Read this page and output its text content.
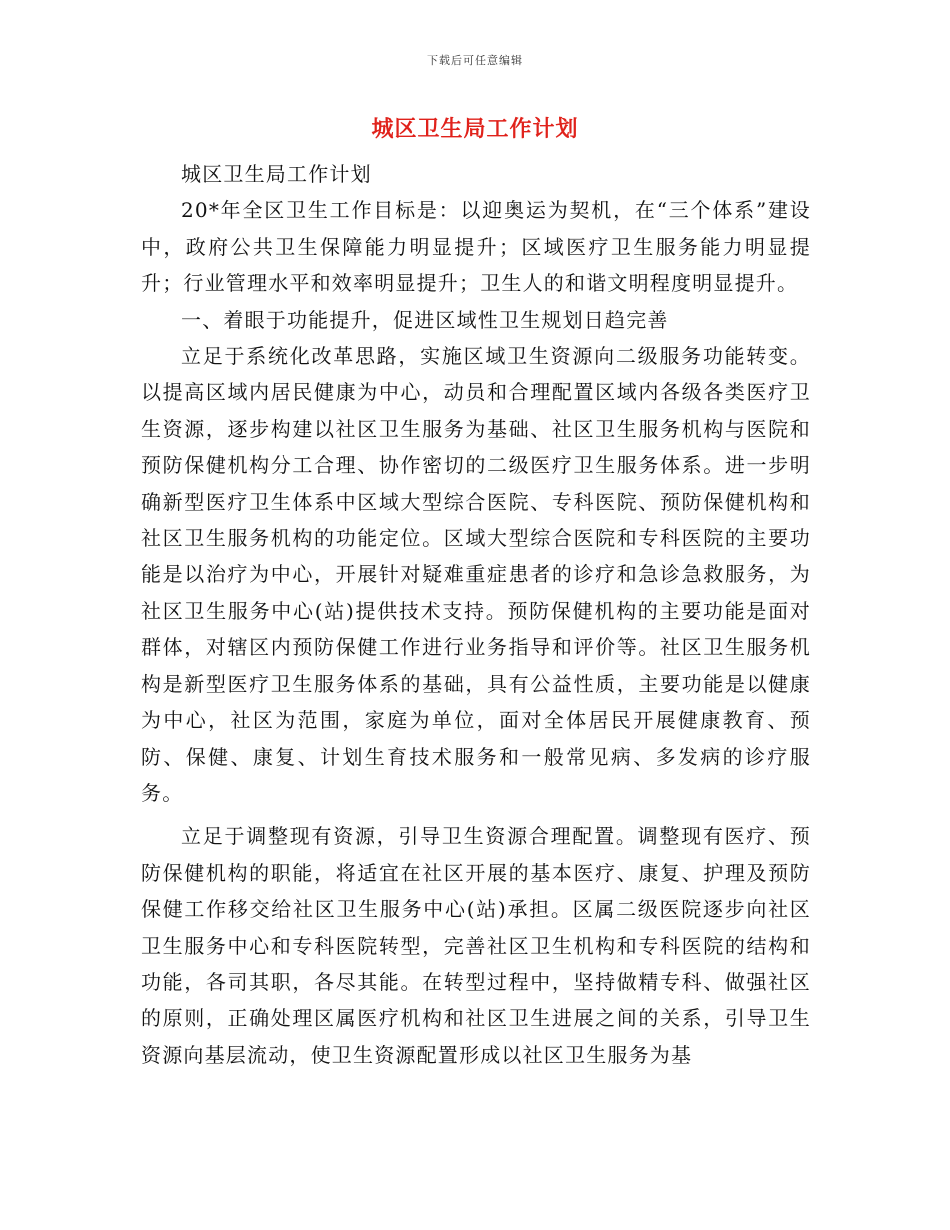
下载后可任意编辑
城区卫生局工作计划

城区卫生局工作计划

20*年全区卫生工作目标是：以迎奥运为契机，在“三个体系”建设中，政府公共卫生保障能力明显提升；区域医疗卫生服务能力明显提升；行业管理水平和效率明显提升；卫生人的和谐文明程度明显提升。

一、着眼于功能提升，促进区域性卫生规划日趋完善

立足于系统化改革思路，实施区域卫生资源向二级服务功能转变。以提高区域内居民健康为中心，动员和合理配置区域内各级各类医疗卫生资源，逐步构建以社区卫生服务为基础、社区卫生服务机构与医院和预防保健机构分工合理、协作密切的二级医疗卫生服务体系。进一步明确新型医疗卫生体系中区域大型综合医院、专科医院、预防保健机构和社区卫生服务机构的功能定位。区域大型综合医院和专科医院的主要功能是以治疗为中心，开展针对疑难重症患者的诊疗和急诊急救服务，为社区卫生服务中心(站)提供技术支持。预防保健机构的主要功能是面对群体，对辖区内预防保健工作进行业务指导和评价等。社区卫生服务机构是新型医疗卫生服务体系的基础，具有公益性质，主要功能是以健康为中心，社区为范围，家庭为单位，面对全体居民开展健康教育、预防、保健、康复、计划生育技术服务和一般常见病、多发病的诊疗服务。

立足于调整现有资源，引导卫生资源合理配置。调整现有医疗、预防保健机构的职能，将适宜在社区开展的基本医疗、康复、护理及预防保健工作移交给社区卫生服务中心(站)承担。区属二级医院逐步向社区卫生服务中心和专科医院转型，完善社区卫生机构和专科医院的结构和功能，各司其职，各尽其能。在转型过程中，坚持做精专科、做强社区的原则，正确处理区属医疗机构和社区卫生进展之间的关系，引导卫生资源向基层流动，使卫生资源配置形成以社区卫生服务为基
